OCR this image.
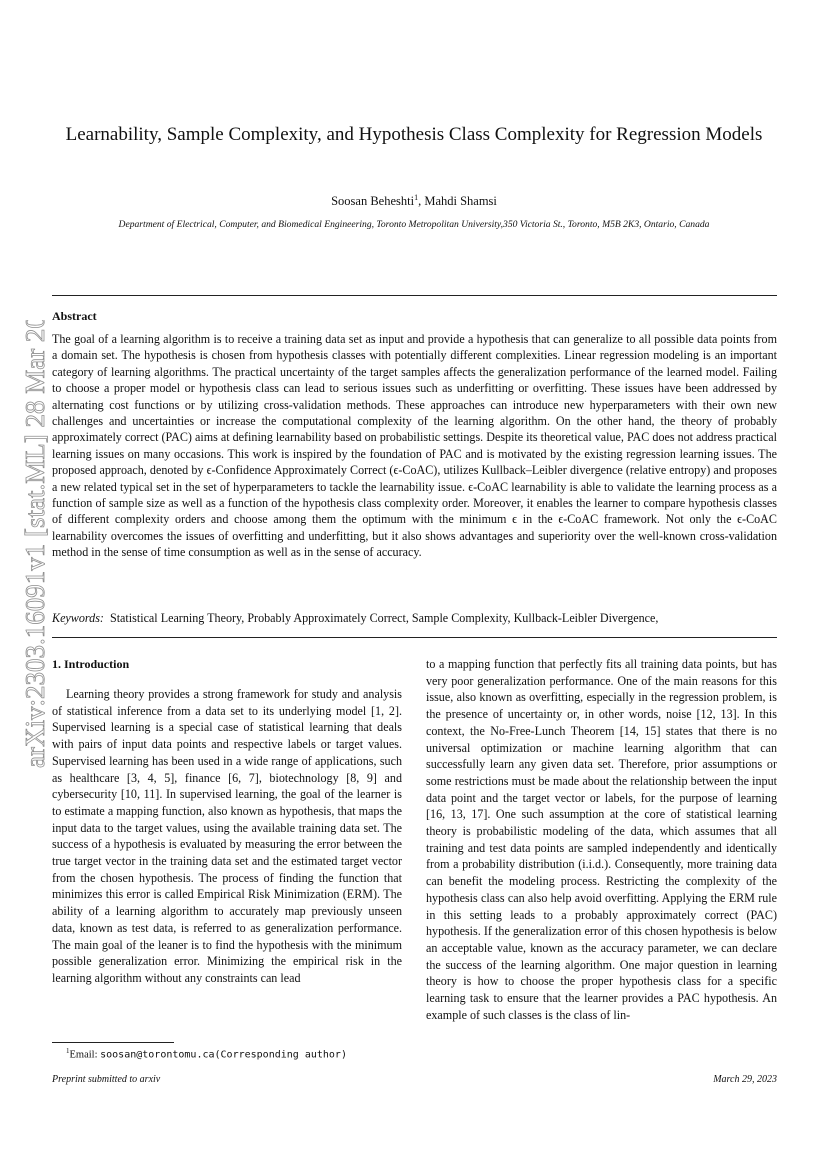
arXiv:2303.16091v1 [stat.ML] 28 Mar 2023
Learnability, Sample Complexity, and Hypothesis Class Complexity for Regression Models
Soosan Beheshti$^1$, Mahdi Shamsi
Department of Electrical, Computer, and Biomedical Engineering, Toronto Metropolitan University,350 Victoria St., Toronto, M5B 2K3, Ontario, Canada
Abstract
The goal of a learning algorithm is to receive a training data set as input and provide a hypothesis that can generalize to all possible data points from a domain set. The hypothesis is chosen from hypothesis classes with potentially different complexities. Linear regression modeling is an important category of learning algorithms. The practical uncertainty of the target samples affects the generalization performance of the learned model. Failing to choose a proper model or hypothesis class can lead to serious issues such as underfitting or overfitting. These issues have been addressed by alternating cost functions or by utilizing cross-validation methods. These approaches can introduce new hyperparameters with their own new challenges and uncertainties or increase the computational complexity of the learning algorithm. On the other hand, the theory of probably approximately correct (PAC) aims at defining learnability based on probabilistic settings. Despite its theoretical value, PAC does not address practical learning issues on many occasions. This work is inspired by the foundation of PAC and is motivated by the existing regression learning issues. The proposed approach, denoted by ϵ-Confidence Approximately Correct (ϵ-CoAC), utilizes Kullback–Leibler divergence (relative entropy) and proposes a new related typical set in the set of hyperparameters to tackle the learnability issue. ϵ-CoAC learnability is able to validate the learning process as a function of sample size as well as a function of the hypothesis class complexity order. Moreover, it enables the learner to compare hypothesis classes of different complexity orders and choose among them the optimum with the minimum ϵ in the ϵ-CoAC framework. Not only the ϵ-CoAC learnability overcomes the issues of overfitting and underfitting, but it also shows advantages and superiority over the well-known cross-validation method in the sense of time consumption as well as in the sense of accuracy.
Keywords: Statistical Learning Theory, Probably Approximately Correct, Sample Complexity, Kullback-Leibler Divergence,
1. Introduction
Learning theory provides a strong framework for study and analysis of statistical inference from a data set to its underlying model [1, 2]. Supervised learning is a special case of statistical learning that deals with pairs of input data points and respective labels or target values. Supervised learning has been used in a wide range of applications, such as healthcare [3, 4, 5], finance [6, 7], biotechnology [8, 9] and cybersecurity [10, 11]. In supervised learning, the goal of the learner is to estimate a mapping function, also known as hypothesis, that maps the input data to the target values, using the available training data set. The success of a hypothesis is evaluated by measuring the error between the true target vector in the training data set and the estimated target vector from the chosen hypothesis. The process of finding the function that minimizes this error is called Empirical Risk Minimization (ERM). The ability of a learning algorithm to accurately map previously unseen data, known as test data, is referred to as generalization performance. The main goal of the leaner is to find the hypothesis with the minimum possible generalization error. Minimizing the empirical risk in the learning algorithm without any constraints can lead
to a mapping function that perfectly fits all training data points, but has very poor generalization performance. One of the main reasons for this issue, also known as overfitting, especially in the regression problem, is the presence of uncertainty or, in other words, noise [12, 13]. In this context, the No-Free-Lunch Theorem [14, 15] states that there is no universal optimization or machine learning algorithm that can successfully learn any given data set. Therefore, prior assumptions or some restrictions must be made about the relationship between the input data point and the target vector or labels, for the purpose of learning [16, 13, 17]. One such assumption at the core of statistical learning theory is probabilistic modeling of the data, which assumes that all training and test data points are sampled independently and identically from a probability distribution (i.i.d.). Consequently, more training data can benefit the modeling process. Restricting the complexity of the hypothesis class can also help avoid overfitting. Applying the ERM rule in this setting leads to a probably approximately correct (PAC) hypothesis. If the generalization error of this chosen hypothesis is below an acceptable value, known as the accuracy parameter, we can declare the success of the learning algorithm. One major question in learning theory is how to choose the proper hypothesis class for a specific learning task to ensure that the learner provides a PAC hypothesis. An example of such classes is the class of lin-
$^1$Email: soosan@torontomu.ca(Corresponding author)
Preprint submitted to arxiv	March 29, 2023
